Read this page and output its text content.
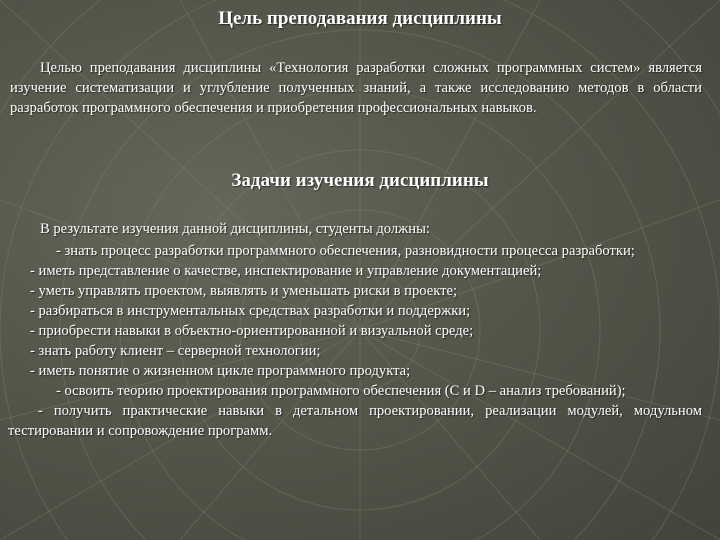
Цель преподавания дисциплины

Целью преподавания дисциплины «Технология разработки сложных программных систем» является изучение систематизации и углубление полученных знаний, а также исследованию методов в области разработок программного обеспечения и приобретения профессиональных навыков.

Задачи изучения дисциплины

В результате изучения данной дисциплины, студенты должны:

- знать процесс разработки программного обеспечения, разновидности процесса разработки;
- иметь представление о качестве, инспектирование и управление документацией;
- уметь управлять проектом, выявлять и уменьшать риски в проекте;
- разбираться в инструментальных средствах разработки и поддержки;
- приобрести навыки в объектно-ориентированной и визуальной среде;
- знать работу клиент – серверной технологии;
- иметь понятие о жизненном цикле программного продукта;
- освоить теорию проектирования программного обеспечения (С и D – анализ требований);
- получить практические навыки в детальном проектировании, реализации модулей, модульном тестировании и сопровождение программ.
